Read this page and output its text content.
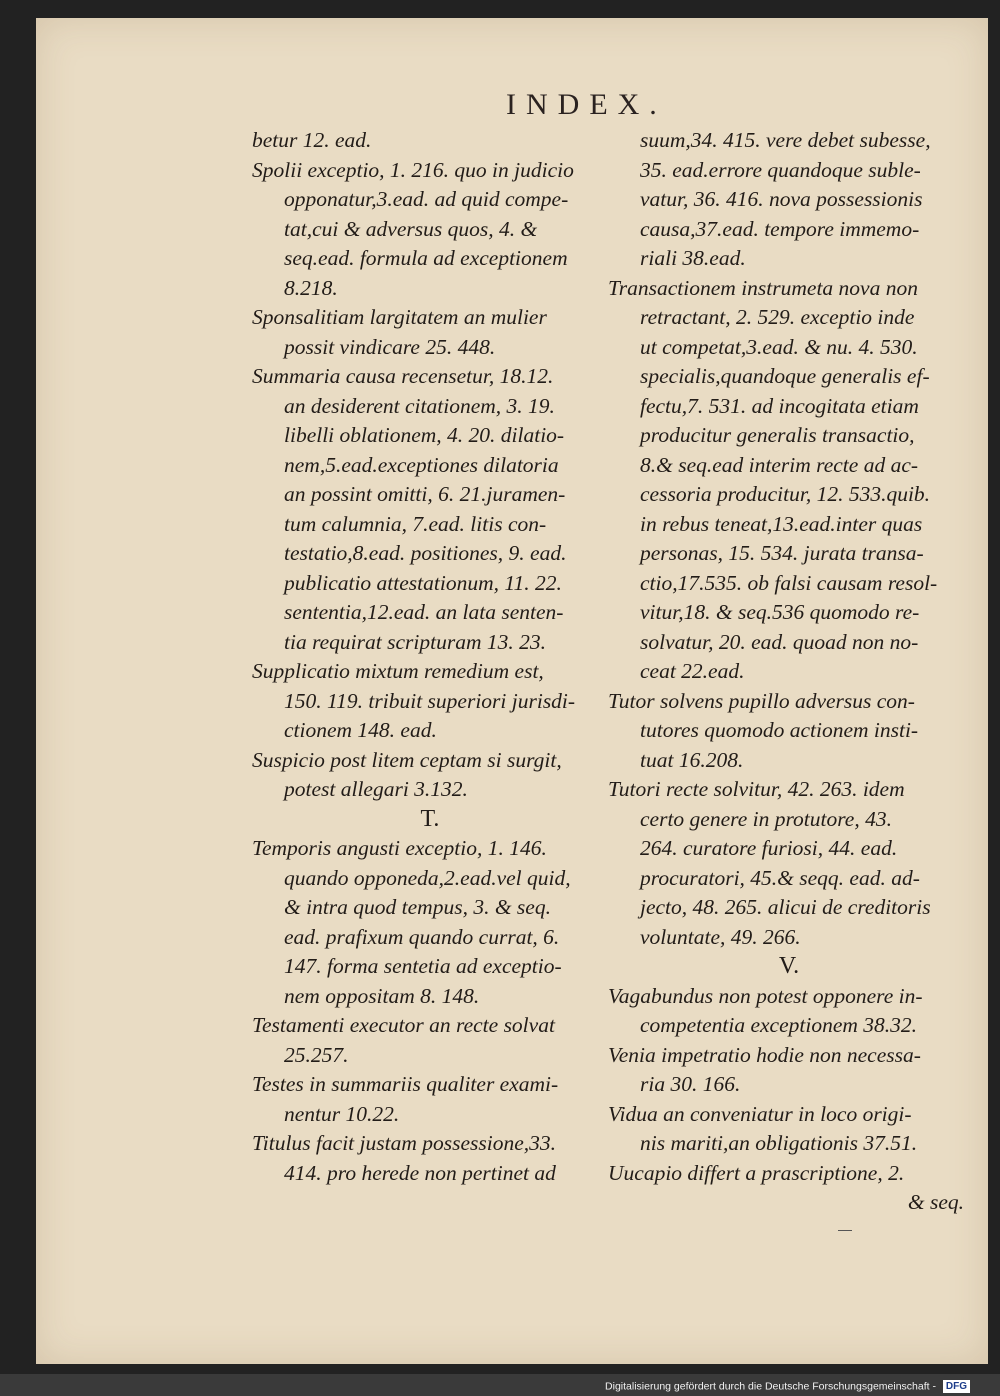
INDEX.
betur 12. ead.
Spolii exceptio, 1. 216. quo in judicio
opponatur,3.ead. ad quid compe-
tat,cui & adversus quos, 4. &
seq.ead. formula ad exceptionem
8.218.
Sponsalitiam largitatem an mulier
possit vindicare 25. 448.
Summaria causa recensetur, 18.12.
an desiderent citationem, 3. 19.
libelli oblationem, 4. 20. dilatio-
nem,5.ead.exceptiones dilatoria
an possint omitti, 6. 21.juramen-
tum calumnia, 7.ead. litis con-
testatio,8.ead. positiones, 9. ead.
publicatio attestationum, 11. 22.
sententia,12.ead. an lata senten-
tia requirat scripturam 13. 23.
Supplicatio mixtum remedium est,
150. 119. tribuit superiori jurisdi-
ctionem 148. ead.
Suspicio post litem ceptam si surgit,
potest allegari 3.132.
T.
Temporis angusti exceptio, 1. 146.
quando opponeda,2.ead.vel quid,
& intra quod tempus, 3. & seq.
ead. prafixum quando currat, 6.
147. forma sentetia ad exceptio-
nem oppositam 8. 148.
Testamenti executor an recte solvat
25.257.
Testes in summariis qualiter exami-
nentur 10.22.
Titulus facit justam possessione,33.
414. pro herede non pertinet ad
suum,34. 415. vere debet subesse,
35. ead.errore quandoque suble-
vatur, 36. 416. nova possessionis
causa,37.ead. tempore immemo-
riali 38.ead.
Transactionem instrumeta nova non
retractant, 2. 529. exceptio inde
ut competat,3.ead. & nu. 4. 530.
specialis,quandoque generalis ef-
fectu,7. 531. ad incogitata etiam
producitur generalis transactio,
8.& seq.ead interim recte ad ac-
cessoria producitur, 12. 533.quib.
in rebus teneat,13.ead.inter quas
personas, 15. 534. jurata transa-
ctio,17.535. ob falsi causam resol-
vitur,18. & seq.536 quomodo re-
solvatur, 20. ead. quoad non no-
ceat 22.ead.
Tutor solvens pupillo adversus con-
tutores quomodo actionem insti-
tuat 16.208.
Tutori recte solvitur, 42. 263. idem
certo genere in protutore, 43.
264. curatore furiosi, 44. ead.
procuratori, 45.& seqq. ead. ad-
jecto, 48. 265. alicui de creditoris
voluntate, 49. 266.
V.
Vagabundus non potest opponere in-
competentia exceptionem 38.32.
Venia impetratio hodie non necessa-
ria 30. 166.
Vidua an conveniatur in loco origi-
nis mariti,an obligationis 37.51.
Uucapio differt a prascriptione, 2.
& seq.
Digitalisierung gefördert durch die Deutsche Forschungsgemeinschaft - DFG
